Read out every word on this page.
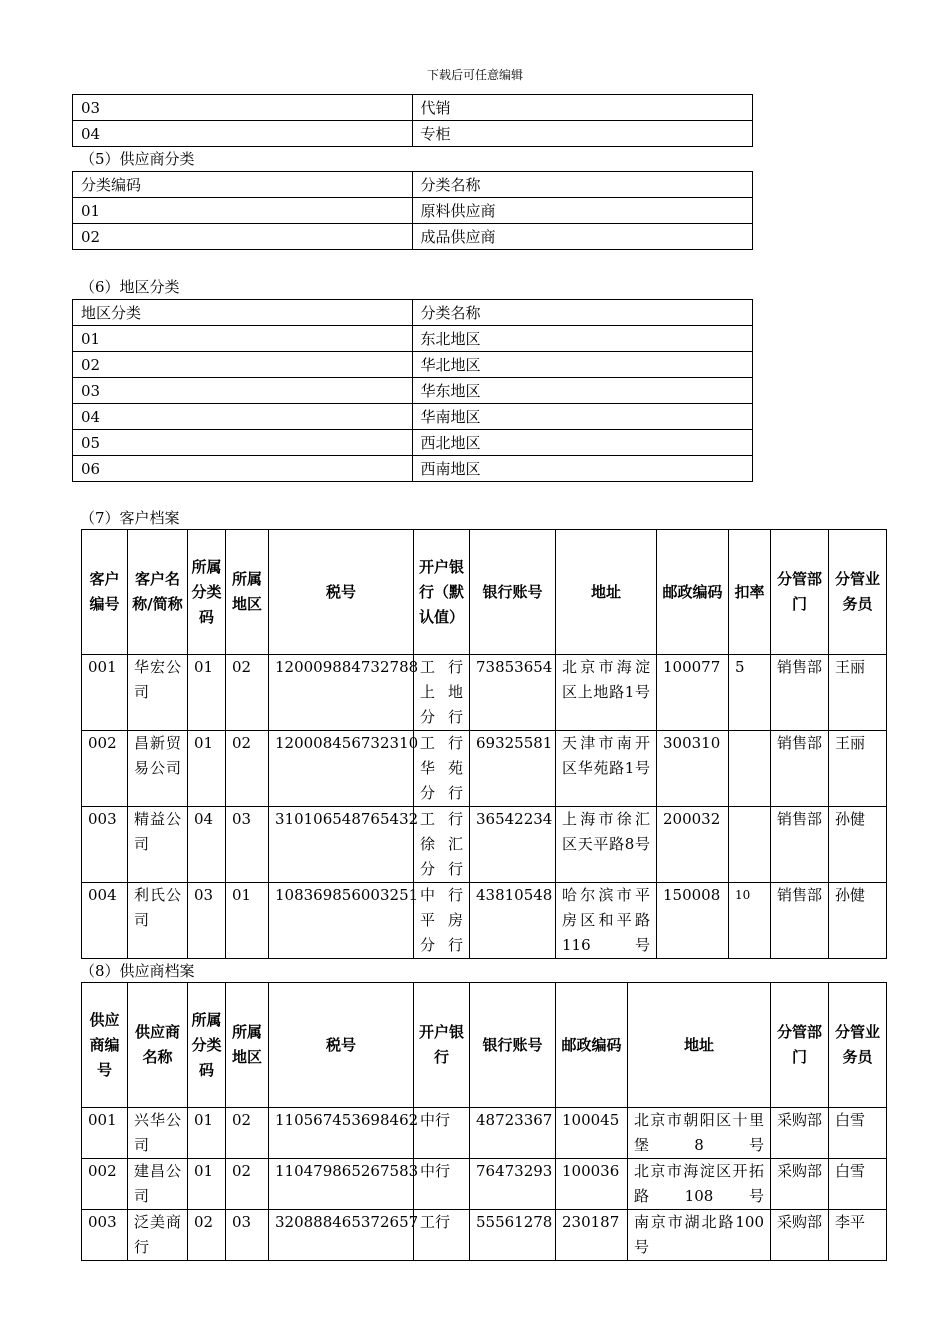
下载后可任意编辑
03	代销
04	专柜
（5）供应商分类
分类编码	分类名称
01	原料供应商
02	成品供应商
（6）地区分类
地区分类	分类名称
01	东北地区
02	华北地区
03	华东地区
04	华南地区
05	西北地区
06	西南地区
（7）客户档案
客户编号	客户名称/简称	所属分类码	所属地区	税号	开户银行（默认值）	银行账号	地址	邮政编码	扣率	分管部门	分管业务员
001	华宏公司	01	02	120009884732788	工行上地分行	73853654	北京市海淀区上地路1号	100077	5	销售部	王丽
002	昌新贸易公司	01	02	120008456732310	工行华苑分行	69325581	天津市南开区华苑路1号	300310		销售部	王丽
003	精益公司	04	03	310106548765432	工行徐汇分行	36542234	上海市徐汇区天平路8号	200032		销售部	孙健
004	利氏公司	03	01	108369856003251	中行平房分行	43810548	哈尔滨市平房区和平路116号	150008	10	销售部	孙健
（8）供应商档案
供应商编号	供应商名称	所属分类码	所属地区	税号	开户银行	银行账号	邮政编码	地址	分管部门	分管业务员
001	兴华公司	01	02	110567453698462	中行	48723367	100045	北京市朝阳区十里堡8号	采购部	白雪
002	建昌公司	01	02	110479865267583	中行	76473293	100036	北京市海淀区开拓路108号	采购部	白雪
003	泛美商行	02	03	320888465372657	工行	55561278	230187	南京市湖北路100号	采购部	李平
